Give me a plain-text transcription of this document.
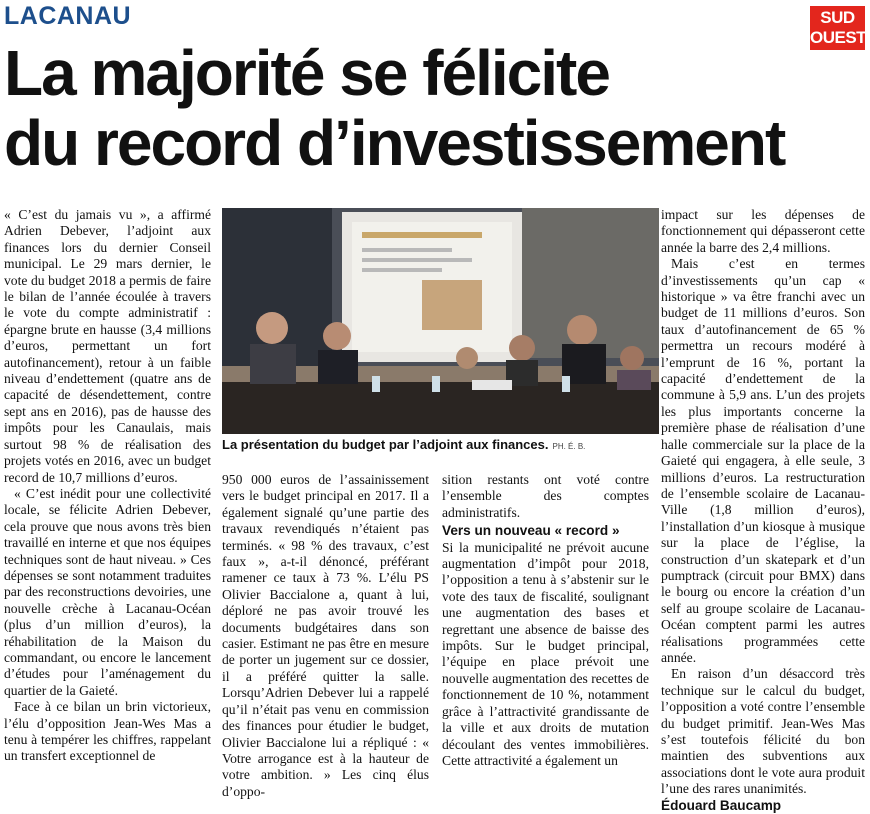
LACANAU	SUD
OUEST
La majorité se félicite
du record d’investissement

« C’est du jamais vu », a affirmé Adrien Debever, l’adjoint aux finances lors du dernier Conseil municipal. Le 29 mars dernier, le vote du budget 2018 a permis de faire le bilan de l’année écoulée à travers le vote du compte administratif : épargne brute en hausse (3,4 millions d’euros, permettant un fort autofinancement), retour à un faible niveau d’endettement (quatre ans de capacité de désendettement, contre sept ans en 2016), pas de hausse des impôts pour les Canaulais, mais surtout 98 % de réalisation des projets votés en 2016, avec un budget record de 10,7 millions d’euros.

« C’est inédit pour une collectivité locale, se félicite Adrien Debever, cela prouve que nous avons très bien travaillé en interne et que nos équipes techniques sont de haut niveau. » Ces dépenses se sont notamment traduites par des reconstructions devoiries, une nouvelle crèche à Lacanau-Océan (plus d’un million d’euros), la réhabilitation de la Maison du commandant, ou encore le lancement d’études pour l’aménagement du quartier de la Gaieté.

Face à ce bilan un brin victorieux, l’élu d’opposition Jean-Wes Mas a tenu à tempérer les chiffres, rappelant un transfert exceptionnel de

La présentation du budget par l’adjoint aux finances. PH. É. B.

950 000 euros de l’assainissement vers le budget principal en 2017. Il a également signalé qu’une partie des travaux revendiqués n’étaient pas terminés. « 98 % des travaux, c’est faux », a-t-il dénoncé, préférant ramener ce taux à 73 %. L’élu PS Olivier Baccialone a, quant à lui, déploré ne pas avoir trouvé les documents budgétaires dans son casier. Estimant ne pas être en mesure de porter un jugement sur ce dossier, il a préféré quitter la salle. Lorsqu’Adrien Debever lui a rappelé qu’il n’était pas venu en commission des finances pour étudier le budget, Olivier Baccialone lui a répliqué : « Votre arrogance est à la hauteur de votre ambition. » Les cinq élus d’oppo-

sition restants ont voté contre l’ensemble des comptes administratifs.

Vers un nouveau « record »

Si la municipalité ne prévoit aucune augmentation d’impôt pour 2018, l’opposition a tenu à s’abstenir sur le vote des taux de fiscalité, soulignant une augmentation des bases et regrettant une absence de baisse des impôts. Sur le budget principal, l’équipe en place prévoit une nouvelle augmentation des recettes de fonctionnement de 10 %, notamment grâce à l’attractivité grandissante de la ville et aux droits de mutation découlant des ventes immobilières. Cette attractivité a également un

impact sur les dépenses de fonctionnement qui dépasseront cette année la barre des 2,4 millions.

Mais c’est en termes d’investissements qu’un cap « historique » va être franchi avec un budget de 11 millions d’euros. Son taux d’autofinancement de 65 % permettra un recours modéré à l’emprunt de 16 %, portant la capacité d’endettement de la commune à 5,9 ans. L’un des projets les plus importants concerne la première phase de réalisation d’une halle commerciale sur la place de la Gaieté qui engagera, à elle seule, 3 millions d’euros. La restructuration de l’ensemble scolaire de Lacanau-Ville (1,8 million d’euros), l’installation d’un kiosque à musique sur la place de l’église, la construction d’un skatepark et d’un pumptrack (circuit pour BMX) dans le bourg ou encore la création d’un self au groupe scolaire de Lacanau-Océan comptent parmi les autres réalisations programmées cette année.

En raison d’un désaccord très technique sur le calcul du budget, l’opposition a voté contre l’ensemble du budget primitif. Jean-Wes Mas s’est toutefois félicité du bon maintien des subventions aux associations dont le vote aura produit l’une des rares unanimités.

Édouard Baucamp
